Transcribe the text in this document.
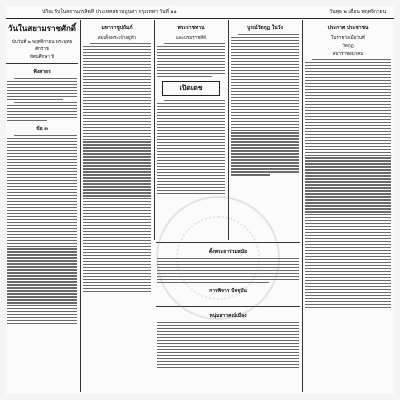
ปกิณ รับในสถานภรสิตที ประเทศสยามบูนสา กรุงเทพฯ วันที่ ๑๑	วันพุธ ๒ เดือน พฤศจิกายน
วันในสยามราชศักดิ์
นับวันที่ ๒ พฤศจิกายน พระพุทธศักราช
ทัศนศึกษา ปี
ฟังสาธร
ข้อ ๓
มหาราชูปถัมภ์
สมเด็จพระเจ้าอยู่หัว
พระราชทาน
และบรมราชสีห์
เปิดเดช
บูรณ์วัดกุฎ ในวัง
ตั้งพระยาร่วมสมัย
การพิจาร ปัจจุบัน
หนุ่มสาวคณ์เมือง
ประกาศ ประชาชน
ในราชวังเมื่อวันที่
วัดกุฎ
สมาราชสมาคม
